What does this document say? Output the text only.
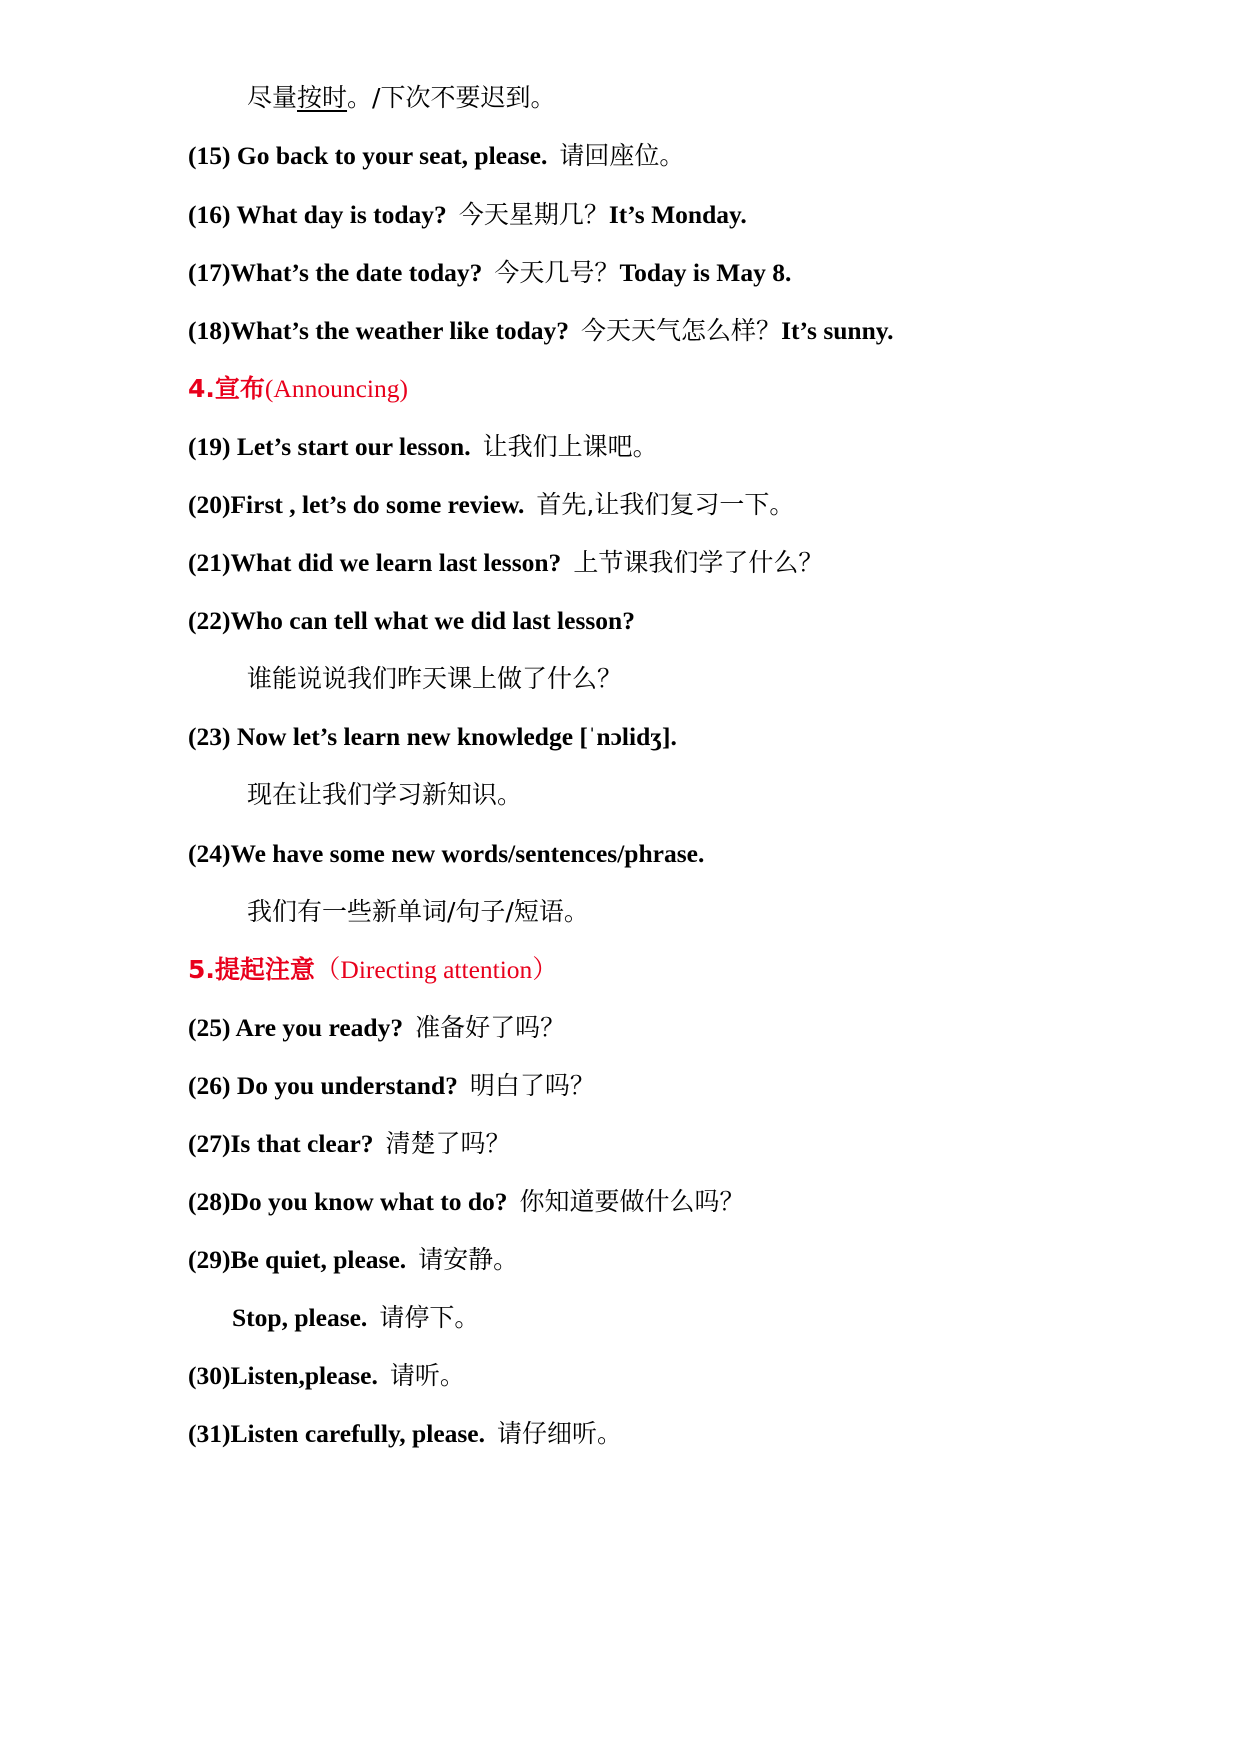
尽量按时。/下次不要迟到。
(15) Go back to your seat, please. 请回座位。
(16) What day is today? 今天星期几？It’s Monday.
(17)What’s the date today? 今天几号？Today is May 8.
(18)What’s the weather like today? 今天天气怎么样？It’s sunny.
4.宣布(Announcing)
(19) Let’s start our lesson. 让我们上课吧。
(20)First , let’s do some review. 首先,让我们复习一下。
(21)What did we learn last lesson? 上节课我们学了什么？
(22)Who can tell what we did last lesson?
谁能说说我们昨天课上做了什么？
(23) Now let’s learn new knowledge [ˈnɔlidʒ].
现在让我们学习新知识。
(24)We have some new words/sentences/phrase.
我们有一些新单词/句子/短语。
5.提起注意（Directing attention）
(25) Are you ready? 准备好了吗？
(26) Do you understand? 明白了吗？
(27)Is that clear? 清楚了吗？
(28)Do you know what to do? 你知道要做什么吗？
(29)Be quiet, please. 请安静。
Stop, please. 请停下。
(30)Listen,please. 请听。
(31)Listen carefully, please. 请仔细听。
